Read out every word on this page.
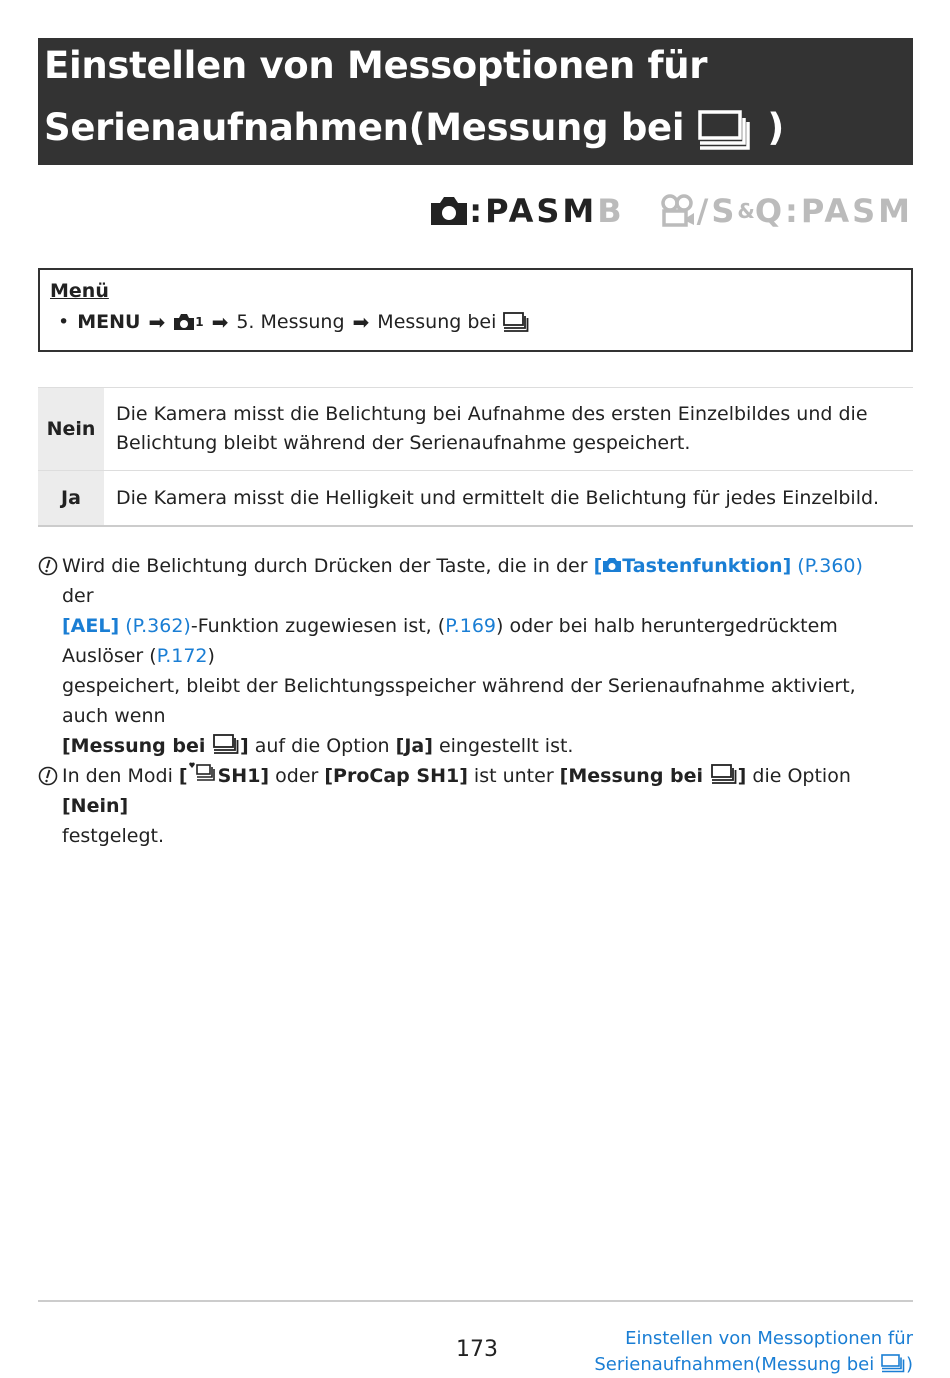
Einstellen von Messoptionen für
Serienaufnahmen(Messung bei )
: PASM B /S & Q : PASM
Menü
• MENU ➡	1 ➡ 5. Messung ➡ Messung bei
Nein	Die Kamera misst die Belichtung bei Aufnahme des ersten Einzelbildes und die Belichtung bleibt während der Serienaufnahme gespeichert.
Ja	Die Kamera misst die Helligkeit und ermittelt die Belichtung für jedes Einzelbild.
Wird die Belichtung durch Drücken der Taste, die in der [ Tastenfunktion] (P.360) der
[AEL] (P.362)-Funktion zugewiesen ist, (P.169) oder bei halb heruntergedrücktem Auslöser (P.172)
gespeichert, bleibt der Belichtungsspeicher während der Serienaufnahme aktiviert, auch wenn
[Messung bei ] auf die Option [Ja] eingestellt ist.
In den Modi [ SH1] oder [ProCap SH1] ist unter [Messung bei ] die Option [Nein]
festgelegt.
173	Einstellen von Messoptionen für
Serienaufnahmen(Messung bei )
